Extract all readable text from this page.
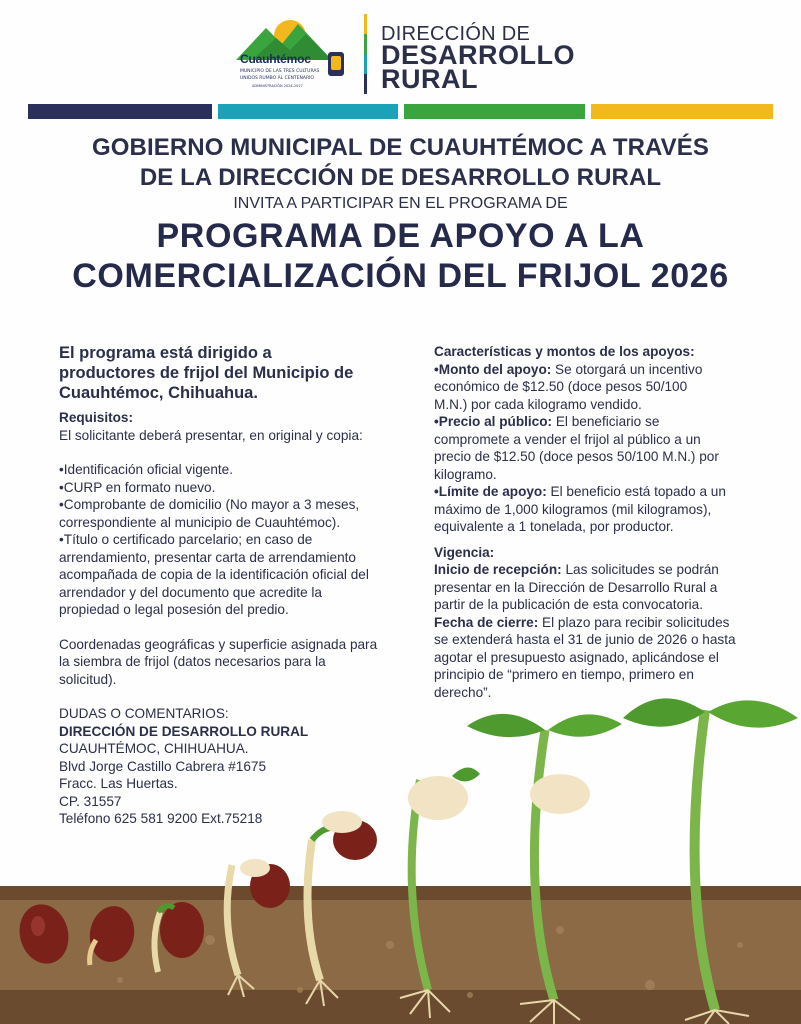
Cuauhtémoc
MUNICIPIO DE LAS TRES CULTURAS
UNIDOS RUMBO AL CENTENARIO
ADMINISTRACIÓN 2024-2027
DIRECCIÓN DE
DESARROLLO
RURAL
GOBIERNO MUNICIPAL DE CUAUHTÉMOC A TRAVÉS
DE LA DIRECCIÓN DE DESARROLLO RURAL
INVITA A PARTICIPAR EN EL PROGRAMA DE
PROGRAMA DE APOYO A LA
COMERCIALIZACIÓN DEL FRIJOL 2026

El programa está dirigido a

productores de frijol del Municipio de

Cuauhtémoc, Chihuahua.

Requisitos:

El solicitante deberá presentar, en original y copia:

•Identificación oficial vigente.

•CURP en formato nuevo.

•Comprobante de domicilio (No mayor a 3 meses,

correspondiente al municipio de Cuauhtémoc).

•Título o certificado parcelario; en caso de

arrendamiento, presentar carta de arrendamiento

acompañada de copia de la identificación oficial del

arrendador y del documento que acredite la

propiedad o legal posesión del predio.

Coordenadas geográficas y superficie asignada para

la siembra de frijol (datos necesarios para la

solicitud).

DUDAS O COMENTARIOS:

DIRECCIÓN DE DESARROLLO RURAL

CUAUHTÉMOC, CHIHUAHUA.

Blvd Jorge Castillo Cabrera #1675

Fracc. Las Huertas.

CP. 31557

Teléfono 625 581 9200 Ext.75218

Características y montos de los apoyos:

•Monto del apoyo: Se otorgará un incentivo

económico de $12.50 (doce pesos 50/100

M.N.) por cada kilogramo vendido.

•Precio al público: El beneficiario se

compromete a vender el frijol al público a un

precio de $12.50 (doce pesos 50/100 M.N.) por

kilogramo.

•Límite de apoyo: El beneficio está topado a un

máximo de 1,000 kilogramos (mil kilogramos),

equivalente a 1 tonelada, por productor.

Vigencia:

Inicio de recepción: Las solicitudes se podrán

presentar en la Dirección de Desarrollo Rural a

partir de la publicación de esta convocatoria.

Fecha de cierre: El plazo para recibir solicitudes

se extenderá hasta el 31 de junio de 2026 o hasta

agotar el presupuesto asignado, aplicándose el

principio de “primero en tiempo, primero en

derecho”.
